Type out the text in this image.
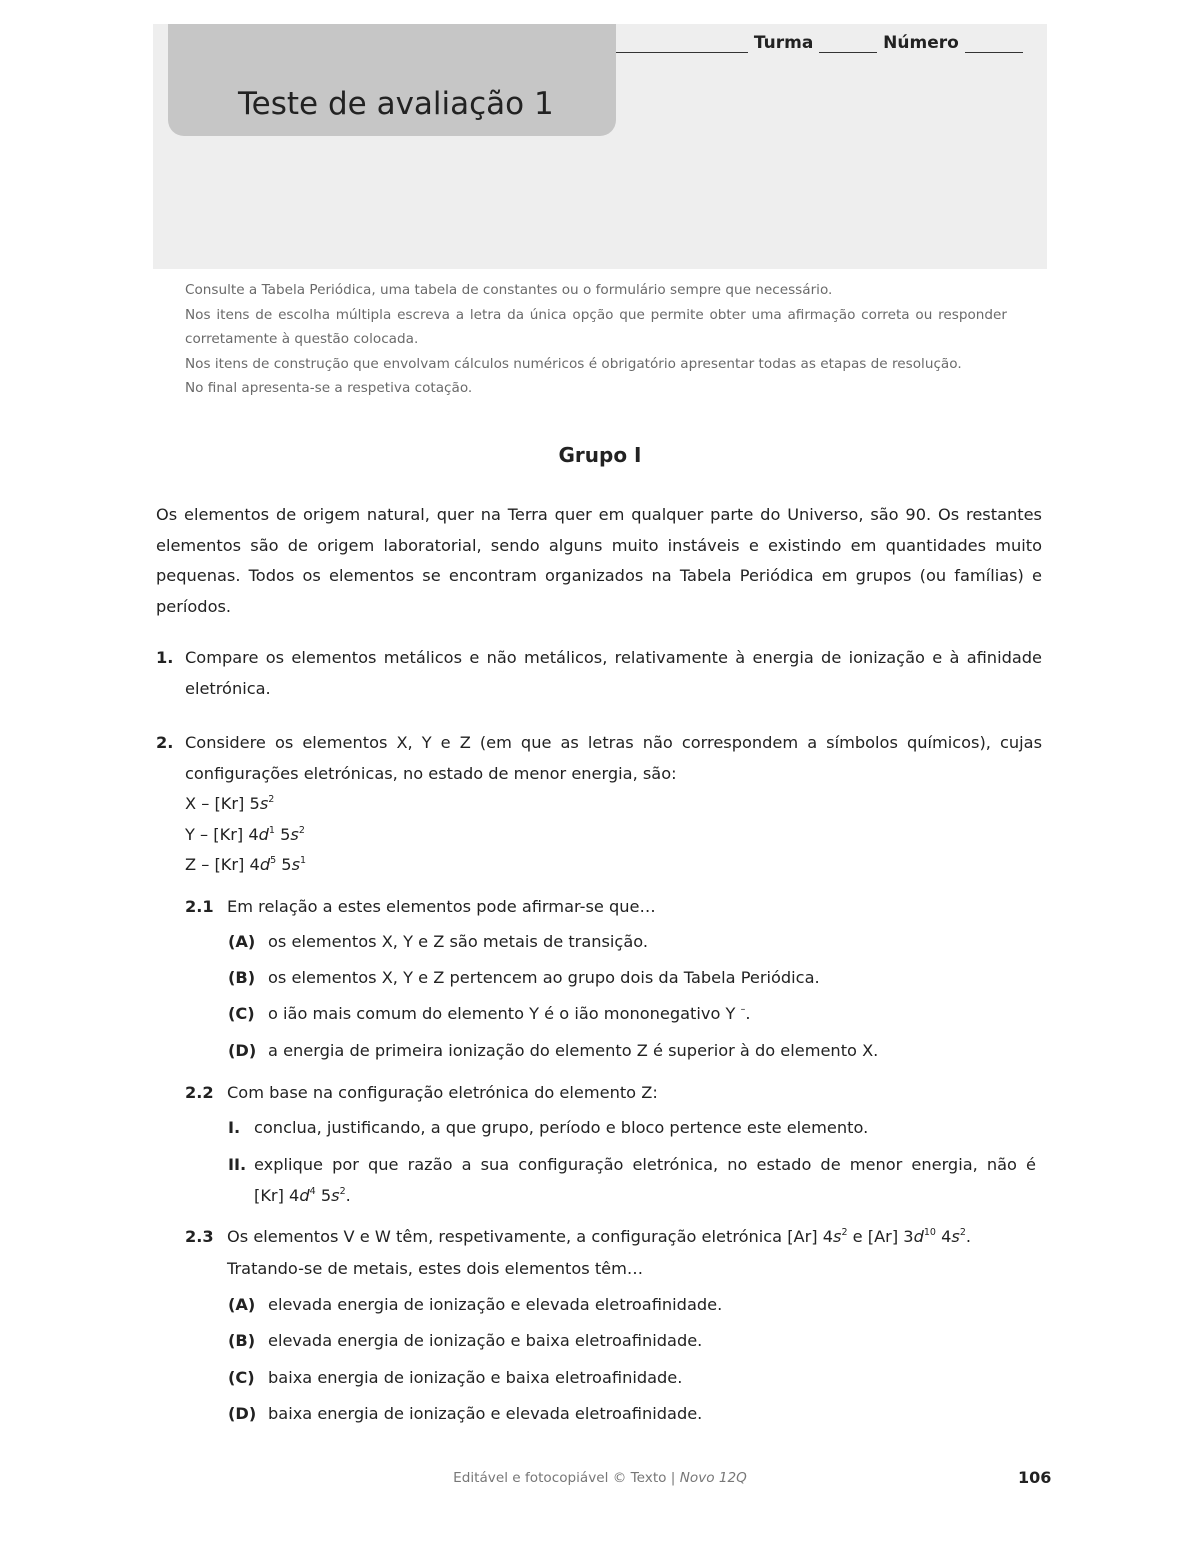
Teste de avaliação 1
Turma	Número

Consulte a Tabela Periódica, uma tabela de constantes ou o formulário sempre que necessário.

Nos itens de escolha múltipla escreva a letra da única opção que permite obter uma afirmação correta ou responder corretamente à questão colocada.

Nos itens de construção que envolvam cálculos numéricos é obrigatório apresentar todas as etapas de resolução.

No final apresenta-se a respetiva cotação.

Grupo I
Os elementos de origem natural, quer na Terra quer em qualquer parte do Universo, são 90. Os restantes elementos são de origem laboratorial, sendo alguns muito instáveis e existindo em quantidades muito pequenas. Todos os elementos se encontram organizados na Tabela Periódica em grupos (ou famílias) e períodos.
1. Compare os elementos metálicos e não metálicos, relativamente à energia de ionização e à afinidade eletrónica.
2. Considere os elementos X, Y e Z (em que as letras não correspondem a símbolos químicos), cujas configurações eletrónicas, no estado de menor energia, são:
X – [Kr] $5s^2$
Y – [Kr] $4d^1$ $5s^2$
Z – [Kr] $4d^5$ $5s^1$
2.1 Em relação a estes elementos pode afirmar-se que…
(A) os elementos X, Y e Z são metais de transição.
(B) os elementos X, Y e Z pertencem ao grupo dois da Tabela Periódica.
(C) o ião mais comum do elemento Y é o ião mononegativo Y –.
(D) a energia de primeira ionização do elemento Z é superior à do elemento X.
2.2 Com base na configuração eletrónica do elemento Z:
I. conclua, justificando, a que grupo, período e bloco pertence este elemento.
II. explique por que razão a sua configuração eletrónica, no estado de menor energia, não é [Kr] $4d^4$ $5s^2$.
2.3 Os elementos V e W têm, respetivamente, a configuração eletrónica [Ar] $4s^2$ e [Ar] $3d^{10}$ $4s^2$.
Tratando-se de metais, estes dois elementos têm…
(A) elevada energia de ionização e elevada eletroafinidade.
(B) elevada energia de ionização e baixa eletroafinidade.
(C) baixa energia de ionização e baixa eletroafinidade.
(D) baixa energia de ionização e elevada eletroafinidade.
Editável e fotocopiável © Texto | Novo 12Q	106
